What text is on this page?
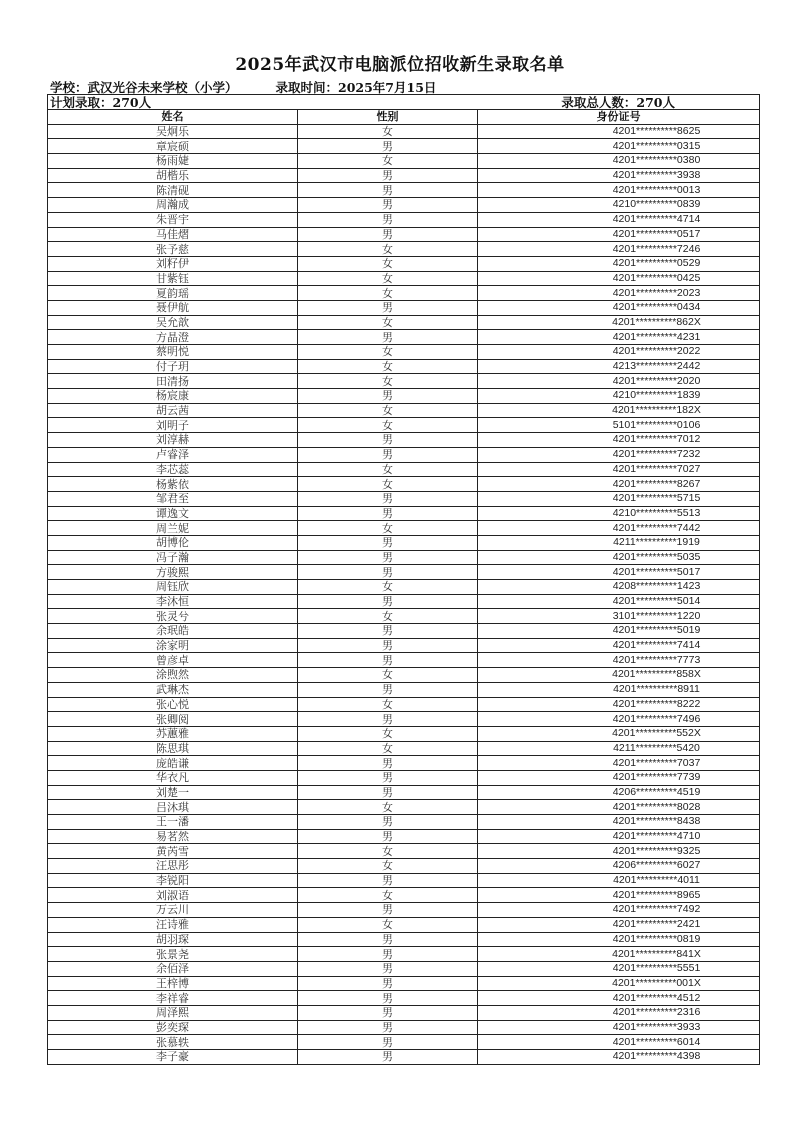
2025年武汉市电脑派位招收新生录取名单
学校：武汉光谷未来学校（小学）	录取时间：2025年7月15日
计划录取：270人 录取总人数：270人		

姓名	性别	身份证号
吴炯乐	女	4201**********8625
章宸硕	男	4201**********0315
杨雨婕	女	4201**********0380
胡楷乐	男	4201**********3938
陈清砚	男	4201**********0013
周瀚成	男	4210**********0839
朱晋宇	男	4201**********4714
马佳熠	男	4201**********0517
张予慈	女	4201**********7246
刘籽伊	女	4201**********0529
甘紫钰	女	4201**********0425
夏韵瑶	女	4201**********2023
聂伊航	男	4201**********0434
吴允歆	女	4201**********862X
方晶澄	男	4201**********4231
蔡明悦	女	4201**********2022
付子玥	女	4213**********2442
田清扬	女	4201**********2020
杨宸康	男	4210**********1839
胡云茜	女	4201**********182X
刘明子	女	5101**********0106
刘淳赫	男	4201**********7012
卢睿泽	男	4201**********7232
李芯蕊	女	4201**********7027
杨紫依	女	4201**********8267
邹君至	男	4201**********5715
谭逸文	男	4210**********5513
周兰妮	女	4201**********7442
胡博伦	男	4211**********1919
冯子瀚	男	4201**********5035
方骏熙	男	4201**********5017
周钰欣	女	4208**********1423
李沐恒	男	4201**********5014
张灵兮	女	3101**********1220
余珉皓	男	4201**********5019
涂家明	男	4201**********7414
曾彦卓	男	4201**********7773
涂煦然	女	4201**********858X
武琳杰	男	4201**********8911
张心悦	女	4201**********8222
张卿阅	男	4201**********7496
苏蕙雅	女	4201**********552X
陈思琪	女	4211**********5420
庞皓谦	男	4201**********7037
华衣凡	男	4201**********7739
刘楚一	男	4206**********4519
吕沐琪	女	4201**********8028
王一潘	男	4201**********8438
易茗然	男	4201**********4710
黄芮雪	女	4201**********9325
汪思彤	女	4206**********6027
李锐阳	男	4201**********4011
刘淑语	女	4201**********8965
万云川	男	4201**********7492
汪诗雅	女	4201**********2421
胡羽琛	男	4201**********0819
张景尧	男	4201**********841X
余佰泽	男	4201**********5551
王梓博	男	4201**********001X
李祥睿	男	4201**********4512
周泽熙	男	4201**********2316
彭奕琛	男	4201**********3933
张慕轶	男	4201**********6014
李子豪	男	4201**********4398
